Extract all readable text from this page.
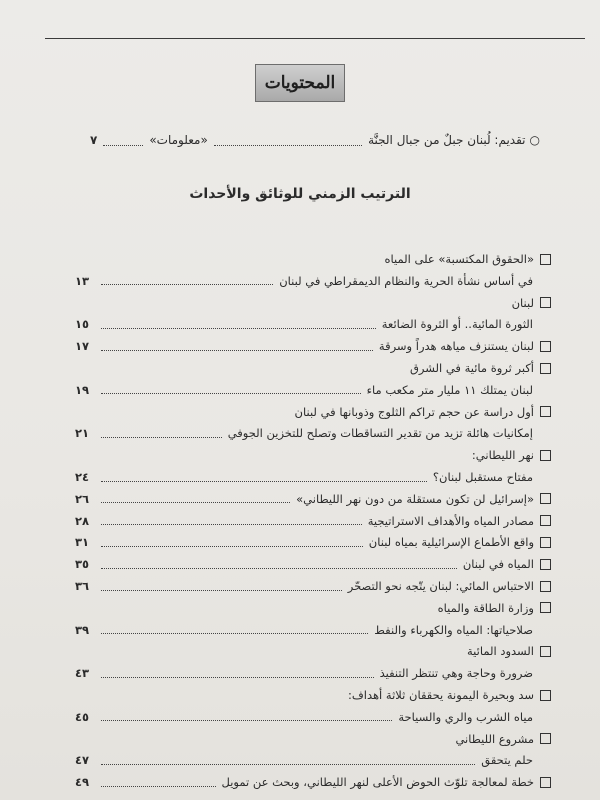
المحتويات
○
تقديم: لُبنان جبلٌ من جبال الجنَّة
«معلومات»
٧
الترتيب الزمني للوثائق والأحداث
«الحقوق المكتسبة» على المياه
في أساس نشأة الحرية والنظام الديمقراطي في لبنان
١٣
لبنان
الثورة المائية.. أو الثروة الضائعة
١٥
لبنان يستنزف مياهه هدراً وسرقة
١٧
أكبر ثروة مائية في الشرق
لبنان يمتلك ١١ مليار متر مكعب ماء
١٩
أول دراسة عن حجم تراكم الثلوج وذوبانها في لبنان
إمكانيات هائلة تزيد من تقدير التساقطات وتصلح للتخزين الجوفي
٢١
نهر الليطاني:
مفتاح مستقبل لبنان؟
٢٤
«إسرائيل لن تكون مستقلة من دون نهر الليطاني»
٢٦
مصادر المياه والأهداف الاستراتيجية
٢٨
واقع الأطماع الإسرائيلية بمياه لبنان
٣١
المياه في لبنان
٣٥
الاحتباس المائي: لبنان يتّجه نحو التصحّر
٣٦
وزارة الطاقة والمياه
صلاحياتها: المياه والكهرباء والنفط
٣٩
السدود المائية
ضرورة وحاجة وهي تنتظر التنفيذ
٤٣
سد وبحيرة اليمونة يحققان ثلاثة أهداف:
مياه الشرب والري والسياحة
٤٥
مشروع الليطاني
حلم يتحقق
٤٧
خطة لمعالجة تلوّث الحوض الأعلى لنهر الليطاني، وبحث عن تمويل
٤٩
